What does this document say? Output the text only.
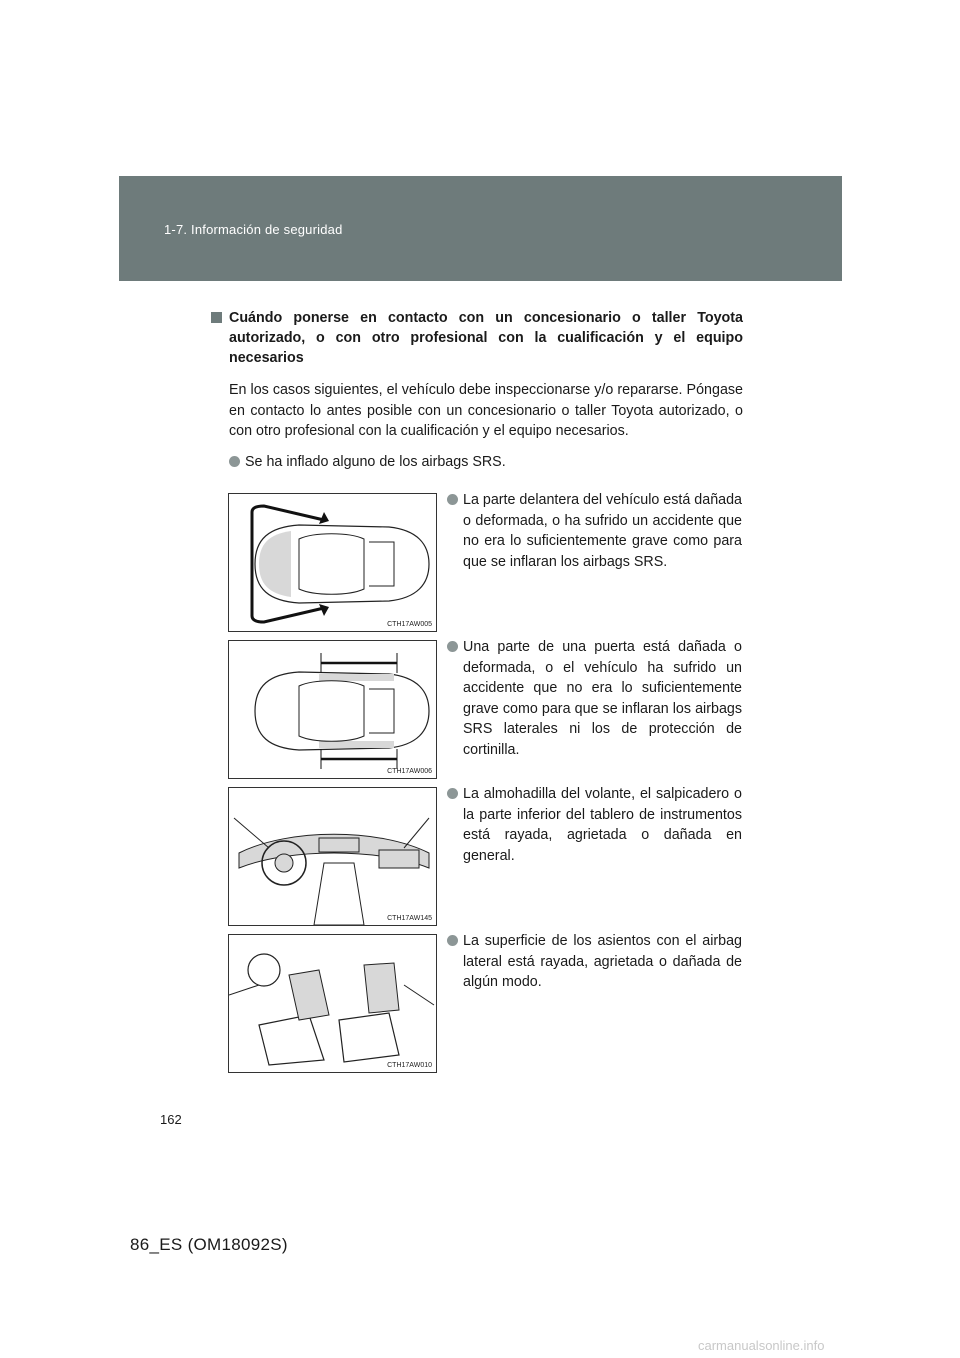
1-7. Información de seguridad
Cuándo ponerse en contacto con un concesionario o taller Toyota autorizado, o con otro profesional con la cualificación y el equipo necesarios
En los casos siguientes, el vehículo debe inspeccionarse y/o repararse. Póngase en contacto lo antes posible con un concesionario o taller Toyota autorizado, o con otro profesional con la cualificación y el equipo necesarios.
Se ha inflado alguno de los airbags SRS.
CTH17AW005
La parte delantera del vehículo está dañada o deformada, o ha sufrido un accidente que no era lo suficientemente grave como para que se inflaran los airbags SRS.
CTH17AW006
Una parte de una puerta está dañada o deformada, o el vehículo ha sufrido un accidente que no era lo suficientemente grave como para que se inflaran los airbags SRS laterales ni los de protección de cortinilla.
CTH17AW145
La almohadilla del volante, el salpicadero o la parte inferior del tablero de instrumentos está rayada, agrietada o dañada en general.
CTH17AW010
La superficie de los asientos con el airbag lateral está rayada, agrietada o dañada de algún modo.
162
86_ES (OM18092S)
carmanualsonline.info
